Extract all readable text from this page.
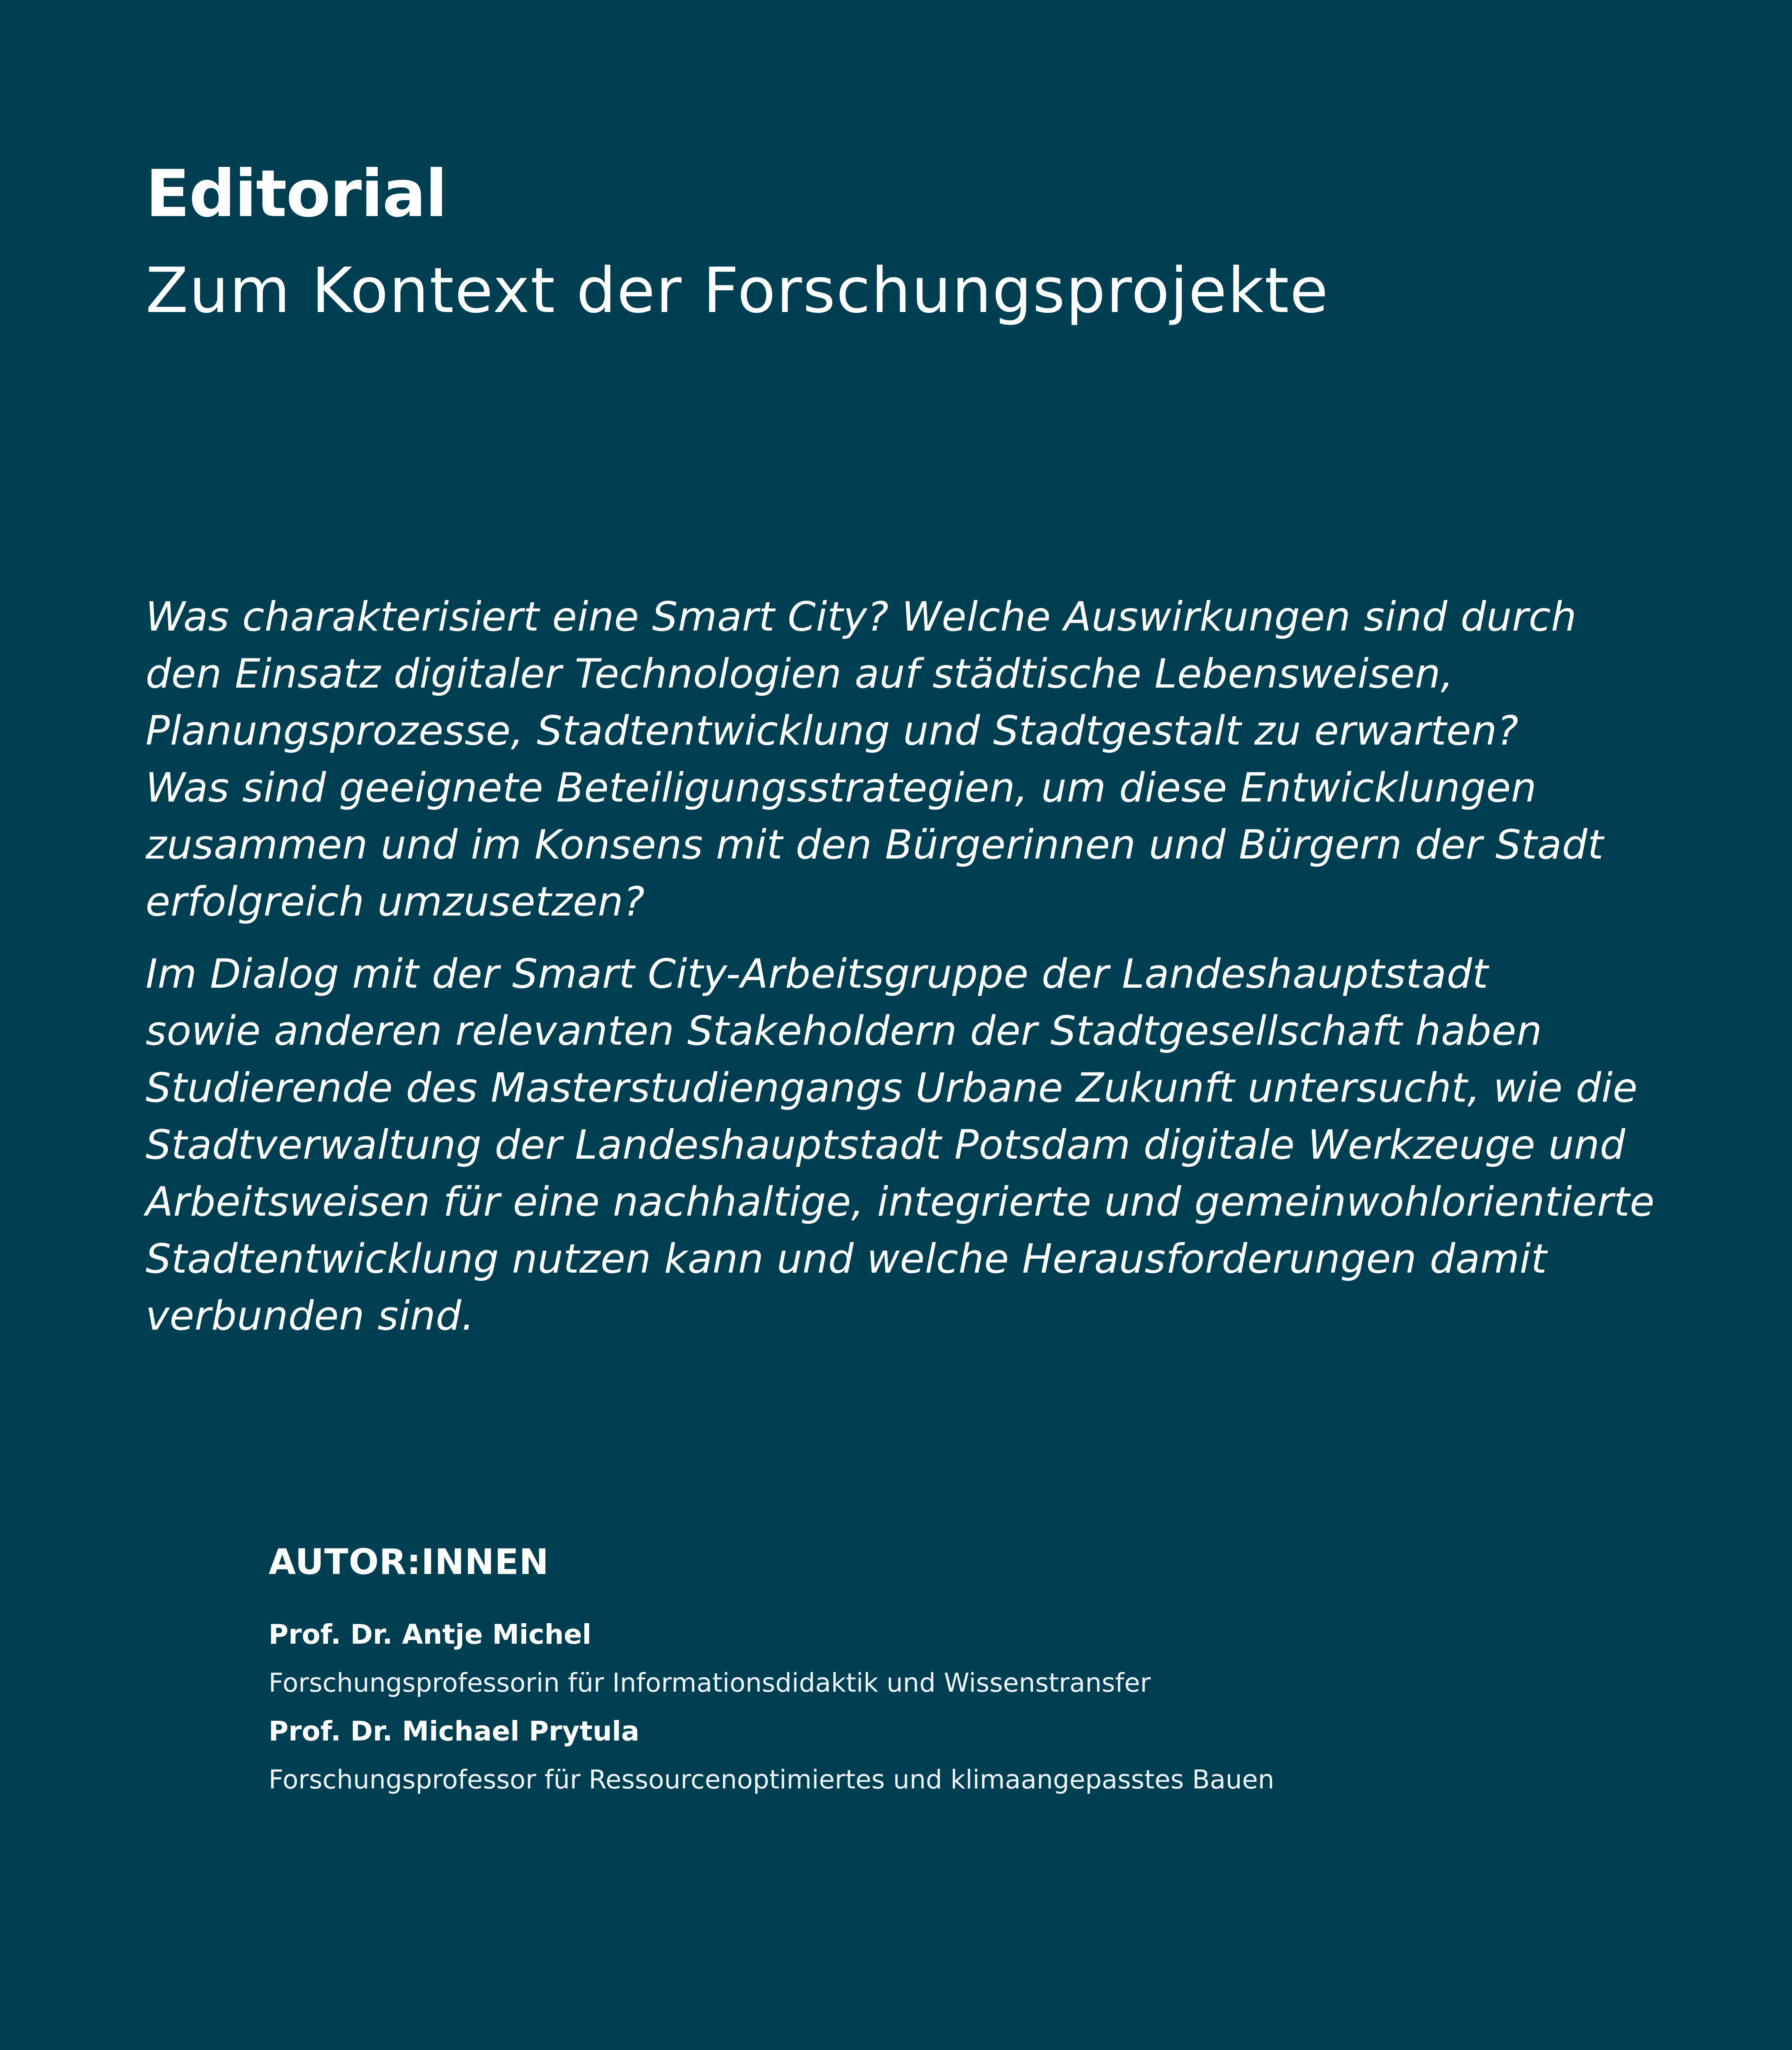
Editorial
Zum Kontext der Forschungsprojekte

Was charakterisiert eine Smart City? Welche Auswirkungen sind durch
den Einsatz digitaler Technologien auf städtische Lebensweisen,
Planungsprozesse, Stadtentwicklung und Stadtgestalt zu erwarten?
Was sind geeignete Beteiligungsstrategien, um diese Entwicklungen
zusammen und im Konsens mit den Bürgerinnen und Bürgern der Stadt
erfolgreich umzusetzen?

Im Dialog mit der Smart City-Arbeitsgruppe der Landeshauptstadt
sowie anderen relevanten Stakeholdern der Stadtgesellschaft haben
Studierende des Masterstudiengangs Urbane Zukunft untersucht, wie die
Stadtverwaltung der Landeshauptstadt Potsdam digitale Werkzeuge und
Arbeitsweisen für eine nachhaltige, integrierte und gemeinwohlorientierte
Stadtentwicklung nutzen kann und welche Herausforderungen damit
verbunden sind.

AUTOR:INNEN
Prof. Dr. Antje Michel
Forschungsprofessorin für Informationsdidaktik und Wissenstransfer
Prof. Dr. Michael Prytula
Forschungsprofessor für Ressourcenoptimiertes und klimaangepasstes Bauen
